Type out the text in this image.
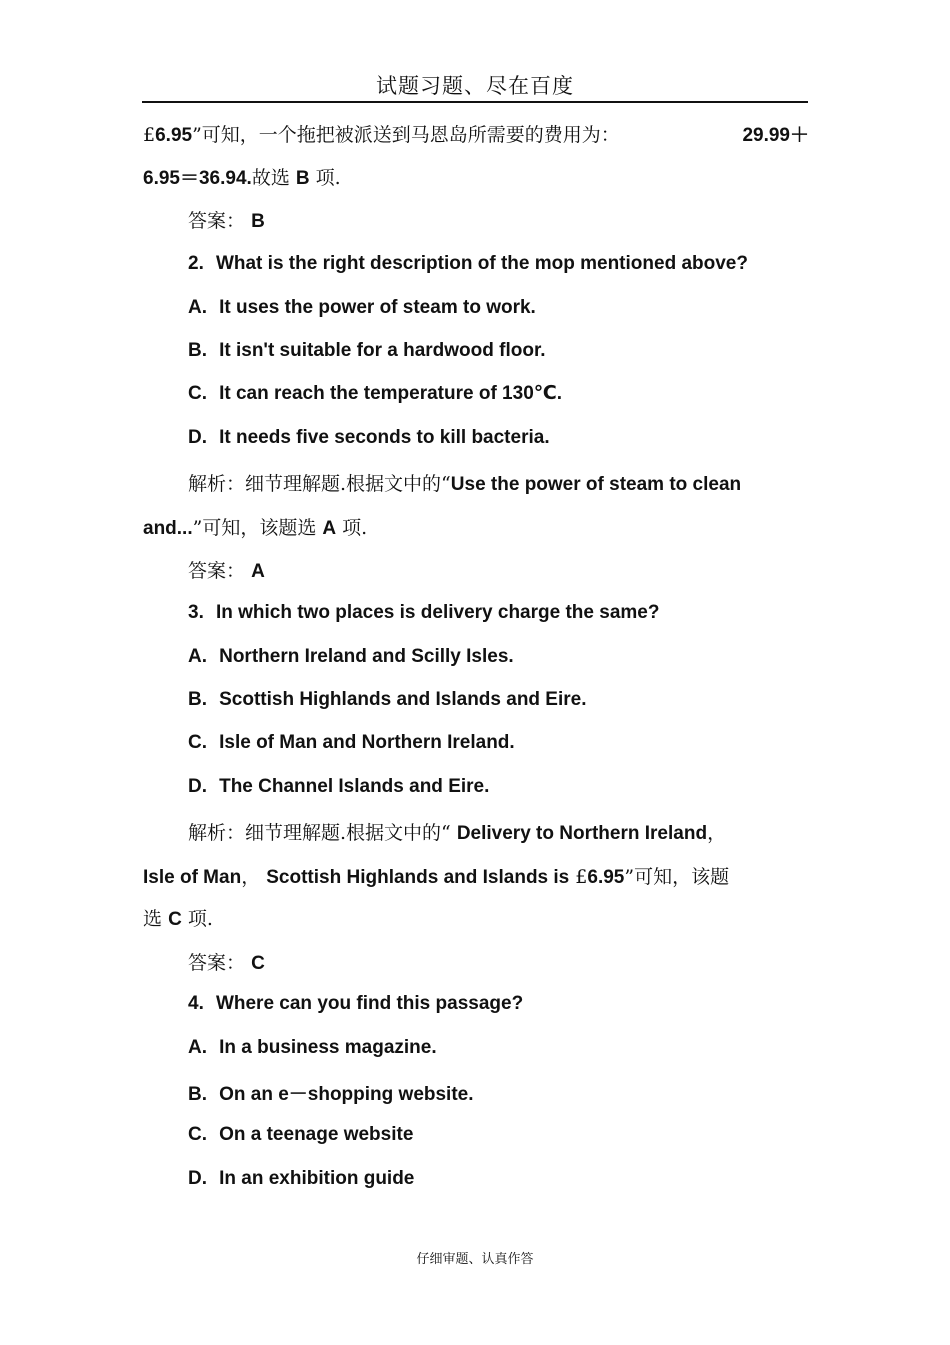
试题习题、尽在百度
£6.95”可知，一个拖把被派送到马恩岛所需要的费用为：	29.99＋
6.95＝36.94.故选 B 项.
答案： B
2. What is the right description of the mop mentioned above?
A. It uses the power of steam to work.
B. It isn't suitable for a hardwood floor.
C. It can reach the temperature of 130℃.
D. It needs five seconds to kill bacteria.
解析：细节理解题.根据文中的“Use the power of steam to clean
and...”可知，该题选 A 项.
答案： A
3. In which two places is delivery charge the same?
A. Northern Ireland and Scilly Isles.
B. Scottish Highlands and Islands and Eire.
C. Isle of Man and Northern Ireland.
D. The Channel Islands and Eire.
解析：细节理解题.根据文中的“ Delivery to Northern Ireland，
Isle of Man， Scottish Highlands and Islands is £6.95”可知，该题
选 C 项.
答案： C
4. Where can you find this passage?
A. In a business magazine.
B. On an e－shopping website.
C. On a teenage website
D. In an exhibition guide
仔细审题、认真作答
